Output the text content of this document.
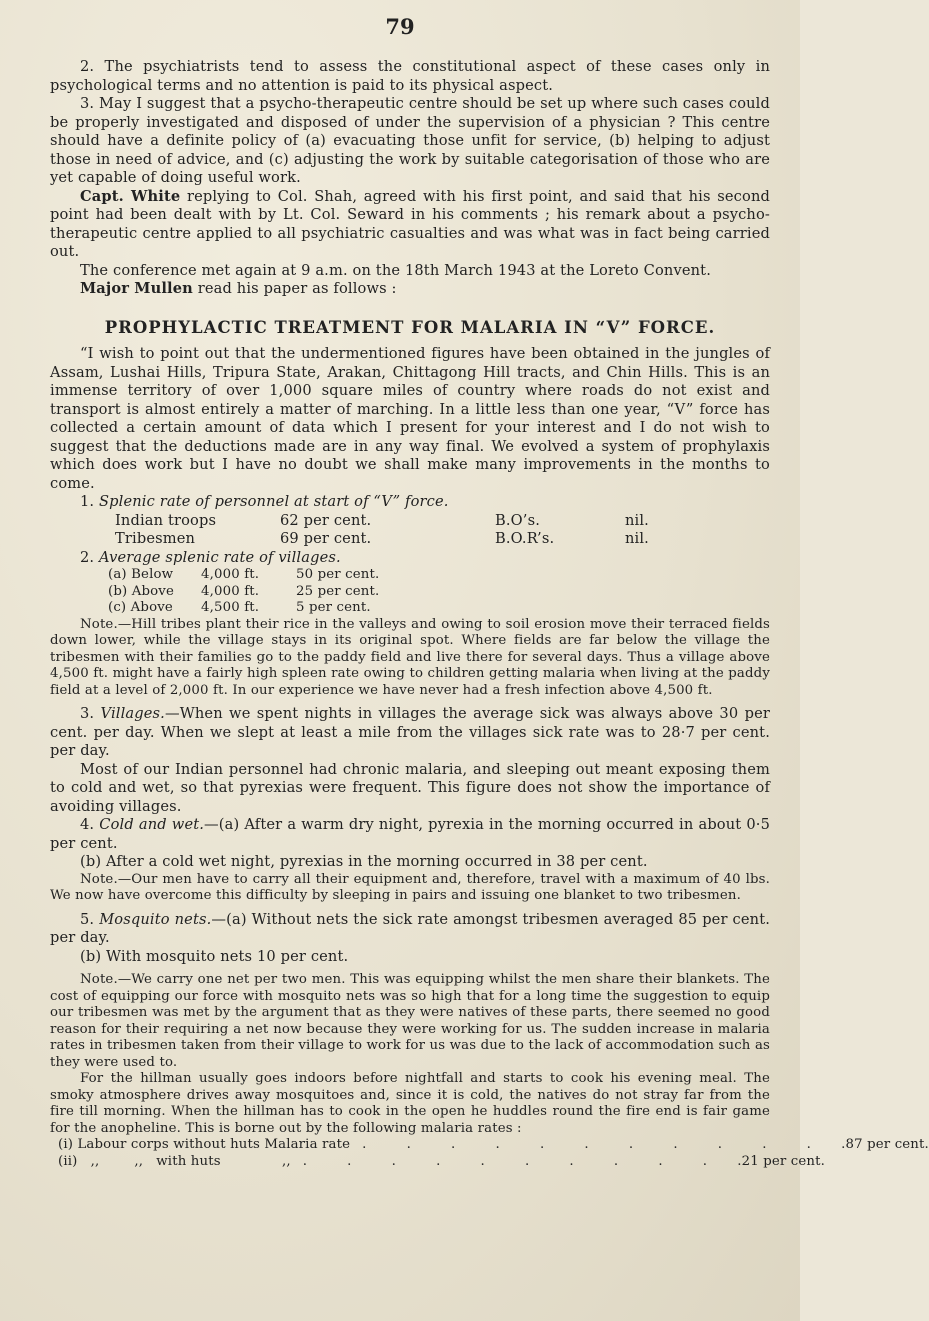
79

2. The psychiatrists tend to assess the constitutional aspect of these cases only in psychological terms and no attention is paid to its physical aspect.

3. May I suggest that a psycho-therapeutic centre should be set up where such cases could be properly investigated and disposed of under the supervision of a physician ? This centre should have a definite policy of (a) evacuating those unfit for service, (b) helping to adjust those in need of advice, and (c) adjusting the work by suitable categorisation of those who are yet capable of doing useful work.

Capt. White replying to Col. Shah, agreed with his first point, and said that his second point had been dealt with by Lt. Col. Seward in his comments ; his remark about a psycho-therapeutic centre applied to all psychiatric casualties and was what was in fact being carried out.

The conference met again at 9 a.m. on the 18th March 1943 at the Loreto Convent.

Major Mullen read his paper as follows :

PROPHYLACTIC TREATMENT FOR MALARIA IN “V” FORCE.

“I wish to point out that the undermentioned figures have been obtained in the jungles of Assam, Lushai Hills, Tripura State, Arakan, Chittagong Hill tracts, and Chin Hills. This is an immense territory of over 1,000 square miles of country where roads do not exist and transport is almost entirely a matter of marching. In a little less than one year, “V” force has collected a certain amount of data which I present for your interest and I do not wish to suggest that the deductions made are in any way final. We evolved a system of prophylaxis which does work but I have no doubt we shall make many improvements in the months to come.

1. Splenic rate of personnel at start of “V” force.

Indian troops	62 per cent.	B.O’s.	nil.
Tribesmen	69 per cent.	B.O.R’s.	nil.

2. Average splenic rate of villages.

(a) Below	4,000 ft.	50 per cent.
(b) Above	4,000 ft.	25 per cent.
(c) Above	4,500 ft.	5 per cent.

Note.—Hill tribes plant their rice in the valleys and owing to soil erosion move their terraced fields down lower, while the village stays in its original spot. Where fields are far below the village the tribesmen with their families go to the paddy field and live there for several days. Thus a village above 4,500 ft. might have a fairly high spleen rate owing to children getting malaria when living at the paddy field at a level of 2,000 ft. In our experience we have never had a fresh infection above 4,500 ft.

3. Villages.—When we spent nights in villages the average sick was always above 30 per cent. per day. When we slept at least a mile from the villages sick rate was to 28·7 per cent. per day.

Most of our Indian personnel had chronic malaria, and sleeping out meant exposing them to cold and wet, so that pyrexias were frequent. This figure does not show the importance of avoiding villages.

4. Cold and wet.—(a) After a warm dry night, pyrexia in the morning occurred in about 0·5 per cent.

(b) After a cold wet night, pyrexias in the morning occurred in 38 per cent.

Note.—Our men have to carry all their equipment and, therefore, travel with a maximum of 40 lbs. We now have overcome this difficulty by sleeping in pairs and issuing one blanket to two tribesmen.

5. Mosquito nets.—(a) Without nets the sick rate amongst tribesmen averaged 85 per cent. per day.

(b) With mosquito nets 10 per cent.

Note.—We carry one net per two men. This was equipping whilst the men share their blankets. The cost of equipping our force with mosquito nets was so high that for a long time the suggestion to equip our tribesmen was met by the argument that as they were natives of these parts, there seemed no good reason for their requiring a net now because they were working for us. The sudden increase in malaria rates in tribesmen taken from their village to work for us was due to the lack of accommodation such as they were used to.

For the hillman usually goes indoors before nightfall and starts to cook his evening meal. The smoky atmosphere drives away mosquitoes and, since it is cold, the natives do not stray far from the fire till morning. When the hillman has to cook in the open he huddles round the fire end is fair game for the anopheline. This is borne out by the following malaria rates :

(i) Labour corps without huts Malaria rate . . . . . . . . . . . .87 per cent.
(ii)   ,,        ,,   with huts              ,, . . . . . . . . . . .21 per cent.
